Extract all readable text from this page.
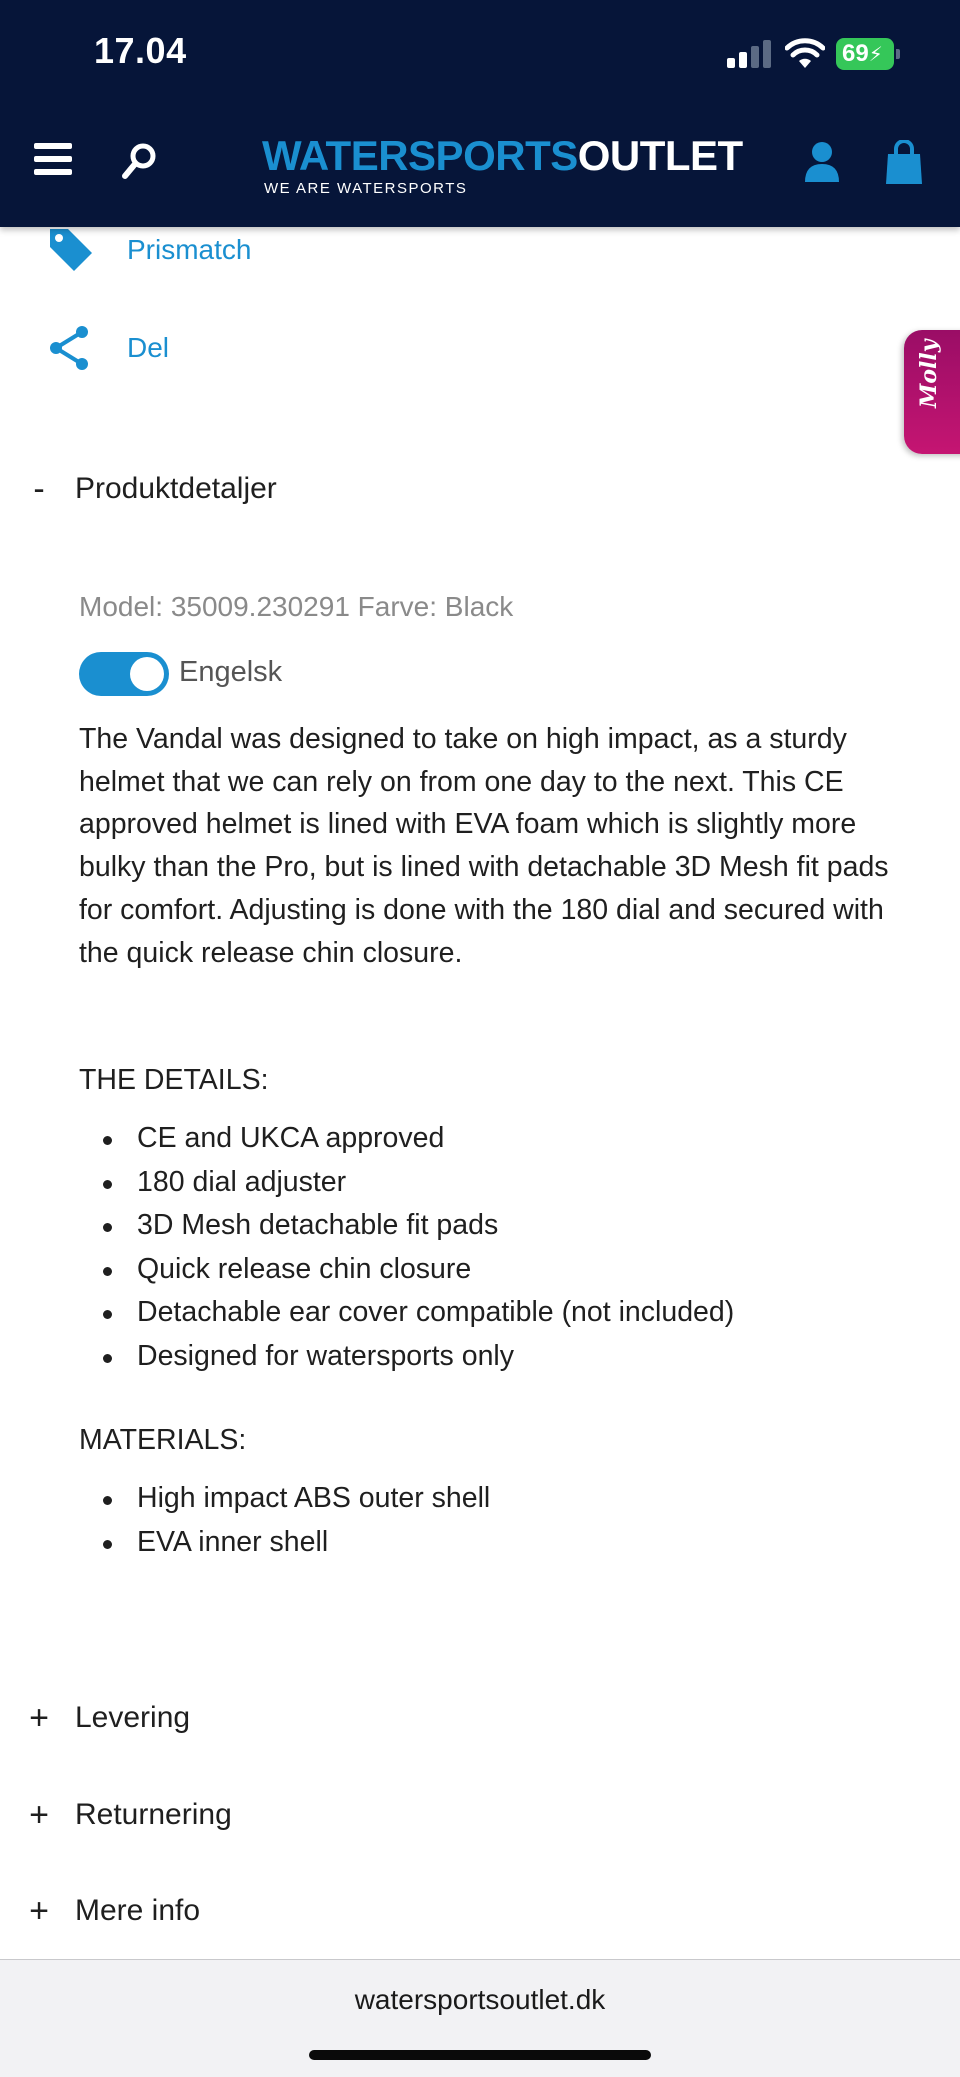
17.04	69⚡
WATERSPORTSOUTLET
WE ARE WATERSPORTS
Prismatch
Del	Molly
- Produktdetaljer
Model: 35009.230291 Farve: Black
Engelsk

The Vandal was designed to take on high impact, as a sturdy helmet that we can rely on from one day to the next. This CE approved helmet is lined with EVA foam which is slightly more bulky than the Pro, but is lined with detachable 3D Mesh fit pads for comfort. Adjusting is done with the 180 dial and secured with the quick release chin closure.

THE DETAILS:
CE and UKCA approved
180 dial adjuster
3D Mesh detachable fit pads
Quick release chin closure
Detachable ear cover compatible (not included)
Designed for watersports only
MATERIALS:
High impact ABS outer shell
EVA inner shell
+ Levering
+ Returnering
+ Mere info
watersportsoutlet.dk
